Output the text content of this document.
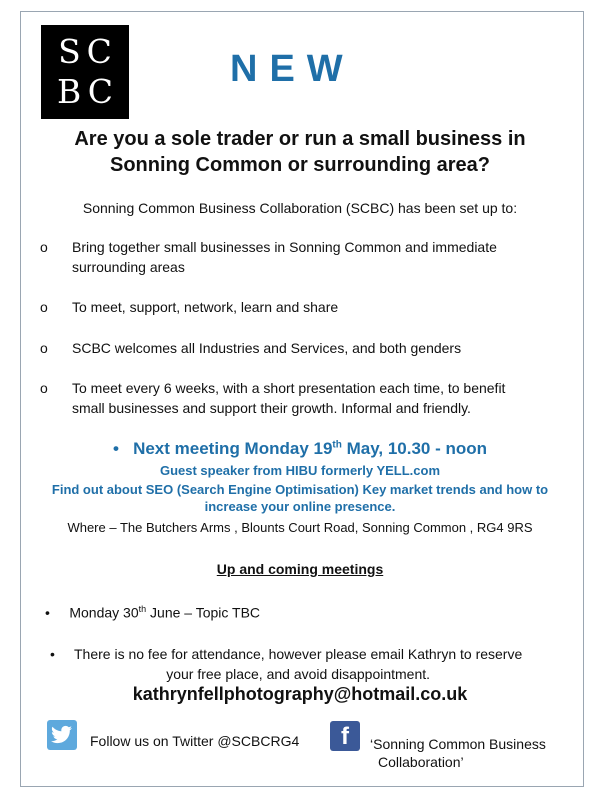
SC
BC
NEW
Are you a sole trader or run a small business in
Sonning Common or surrounding area?
Sonning Common Business Collaboration (SCBC) has been set up to:
o Bring together small businesses in Sonning Common and immediate
surrounding areas
o To meet, support, network, learn and share
o SCBC welcomes all Industries and Services, and both genders
o To meet every 6 weeks, with a short presentation each time, to benefit
small businesses and support their growth. Informal and friendly.
• Next meeting Monday 19th May, 10.30 - noon
Guest speaker from HIBU formerly YELL.com
Find out about SEO (Search Engine Optimisation) Key market trends and how to
increase your online presence.
Where – The Butchers Arms , Blounts Court Road, Sonning Common , RG4 9RS
Up and coming meetings
• Monday 30th June – Topic TBC
• There is no fee for attendance, however please email Kathryn to reserve
your free place, and avoid disappointment.
kathrynfellphotography@hotmail.co.uk
Follow us on Twitter @SCBCRG4	f	‘Sonning Common Business
Collaboration’
